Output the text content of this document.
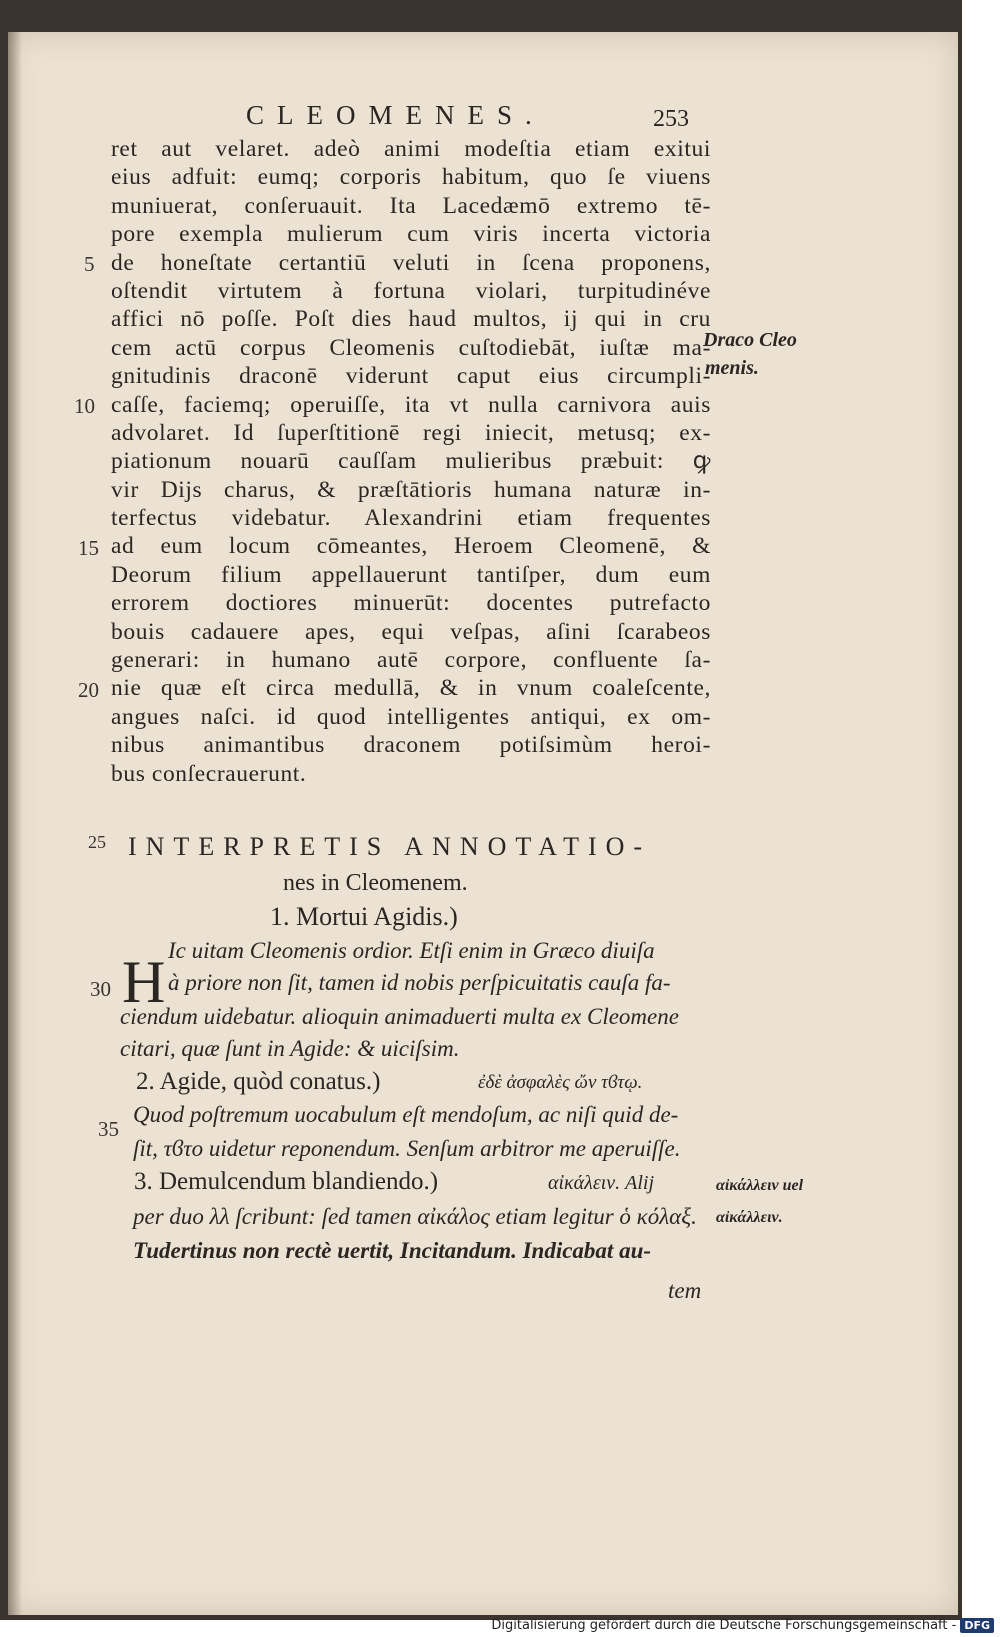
CLEOMENES.	253
ret aut velaret. adeò animi modeſtia etiam exitui
eius adfuit: eumq; corporis habitum, quo ſe viuens
muniuerat, conſeruauit. Ita Lacedæmō extremo tē-
pore exempla mulierum cum viris incerta victoria
de honeſtate certantiū veluti in ſcena proponens,
oſtendit virtutem à fortuna violari, turpitudinéve
affici nō poſſe. Poſt dies haud multos, ij qui in cru
cem actū corpus Cleomenis cuſtodiebāt, iuſtæ ma-
gnitudinis draconē viderunt caput eius circumpli-
caſſe, faciemq; operuiſſe, ita vt nulla carnivora auis
advolaret. Id ſuperſtitionē regi iniecit, metusq; ex-
piationum nouarū cauſſam mulieribus præbuit: ꝙ
vir Dijs charus, & præſtātioris humana naturæ in-
terfectus videbatur. Alexandrini etiam frequentes
ad eum locum cōmeantes, Heroem Cleomenē, &
Deorum filium appellauerunt tantiſper, dum eum
errorem doctiores minuerūt: docentes putrefacto
bouis cadauere apes, equi veſpas, aſini ſcarabeos
generari: in humano autē corpore, confluente ſa-
nie quæ eſt circa medullā, & in vnum coaleſcente,
angues naſci. id quod intelligentes antiqui, ex om-
nibus animantibus draconem potiſsimùm heroi-
bus conſecrauerunt.
5
10
15
20
25
30
35
Draco Cleo
menis.
INTERPRETIS ANNOTATIO-
nes in Cleomenem.
1. Mortui Agidis.)
H Ic uitam Cleomenis ordior. Etſi enim in Græco diuiſa
à priore non ſit, tamen id nobis perſpicuitatis cauſa fa-
ciendum uidebatur. alioquin animaduerti multa ex Cleomene
citari, quæ ſunt in Agide: & uiciſsim.
2. Agide, quòd conatus.)	ἐδὲ ἀσφαλὲς ὤν τϐτῳ.
Quod poſtremum uocabulum eſt mendoſum, ac niſi quid de-
ſit, τϐτο uidetur reponendum. Senſum arbitror me aperuiſſe.
3. Demulcendum blandiendo.)	αἰκάλειν. Alij
per duo λλ ſcribunt: ſed tamen αἰκάλος etiam legitur ὁ κόλαξ.
Tudertinus non rectè uertit, Incitandum. Indicabat au-
tem
αἰκάλλειν uel
αἰκάλλειν.
Digitalisierung gefördert durch die Deutsche Forschungsgemeinschaft - DFG
